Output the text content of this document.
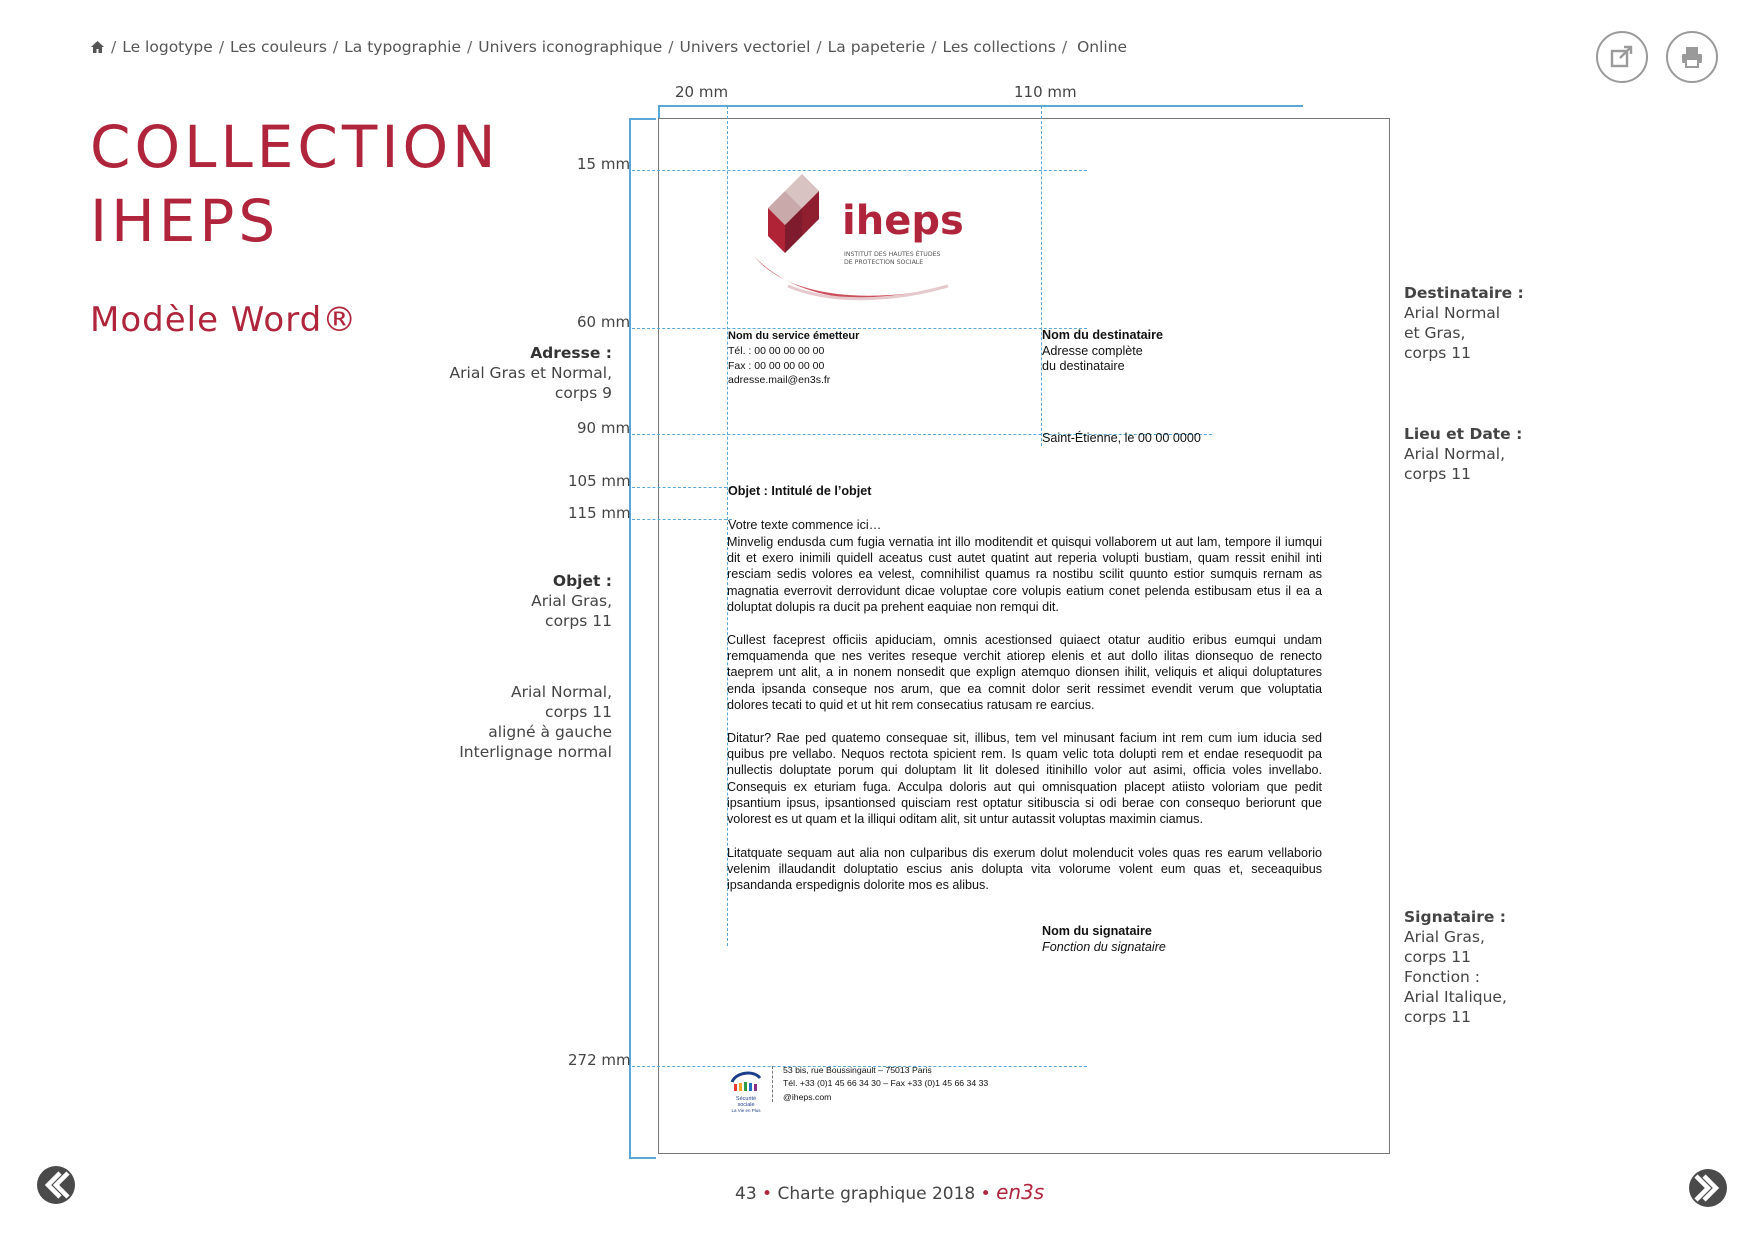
/ Le logotype / Les couleurs / La typographie / Univers iconographique / Univers vectoriel / La papeterie / Les collections / Online
COLLECTION
IHEPS
Modèle Word®
20 mm	110 mm
15 mm
60 mm
90 mm
105 mm
115 mm
272 mm
Adresse :
Arial Gras et Normal,
corps 9
Objet :
Arial Gras,
corps 11
Arial Normal,
corps 11
aligné à gauche
Interlignage normal
Destinataire :
Arial Normal
et Gras,
corps 11
Lieu et Date :
Arial Normal,
corps 11
Signataire :
Arial Gras,
corps 11
Fonction :
Arial Italique,
corps 11
iheps
INSTITUT DES HAUTES ÉTUDES
DE PROTECTION SOCIALE
Nom du service émetteur
Tél. : 00 00 00 00 00
Fax : 00 00 00 00 00
adresse.mail@en3s.fr
Nom du destinataire
Adresse complète
du destinataire
Saint-Étienne, le 00 00 0000
Objet : Intitulé de l’objet
Votre texte commence ici…
Minvelig endusda cum fugia vernatia int illo moditendit et quisqui vollaborem ut aut lam, tempore il iumqui dit et exero inimili quidell aceatus cust autet quatint aut reperia volupti bustiam, quam ressit enihil inti resciam sedis volores ea velest, comnihilist quamus ra nostibu scilit quunto estior sumquis rernam as magnatia everrovit derrovidunt dicae voluptae core volupis eatium conet pelenda estibusam etus il ea a doluptat dolupis ra ducit pa prehent eaquiae non remqui dit.
Cullest faceprest officiis apiduciam, omnis acestionsed quiaect otatur auditio eribus eumqui undam remquamenda que nes verites reseque verchit atiorep elenis et aut dollo ilitas dionsequo de renecto taeprem unt alit, a in nonem nonsedit que explign atemquo dionsen ihilit, veliquis et aliqui doluptatures enda ipsanda conseque nos arum, que ea comnit dolor serit ressimet evendit verum que voluptatia dolores tecati to quid et ut hit rem consecatius ratusam re earcius.
Ditatur? Rae ped quatemo consequae sit, illibus, tem vel minusant facium int rem cum ium iducia sed quibus pre vellabo. Nequos rectota spicient rem. Is quam velic tota dolupti rem et endae resequodit pa nullectis doluptate porum qui doluptam lit lit dolesed itinihillo volor aut asimi, officia voles invellabo. Consequis ex eturiam fuga. Acculpa doloris aut qui omnisquation placept atiisto voloriam que pedit ipsantium ipsus, ipsantionsed quisciam rest optatur sitibuscia si odi berae con consequo beriorunt que volorest es ut quam et la illiqui oditam alit, sit untur autassit voluptas maximin ciamus.
Litatquate sequam aut alia non culparibus dis exerum dolut molenducit voles quas res earum vellaborio velenim illaudandit doluptatio escius anis dolupta vita volorume volent eum quas et, seceaquibus ipsandanda erspedignis dolorite mos es alibus.
Nom du signataire
Fonction du signataire
Sécurité sociale
La Vie en Plus
53 bis, rue Boussingault – 75013 Paris
Tél. +33 (0)1 45 66 34 30 – Fax +33 (0)1 45 66 34 33
@iheps.com
43 • Charte graphique 2018 • en3s
